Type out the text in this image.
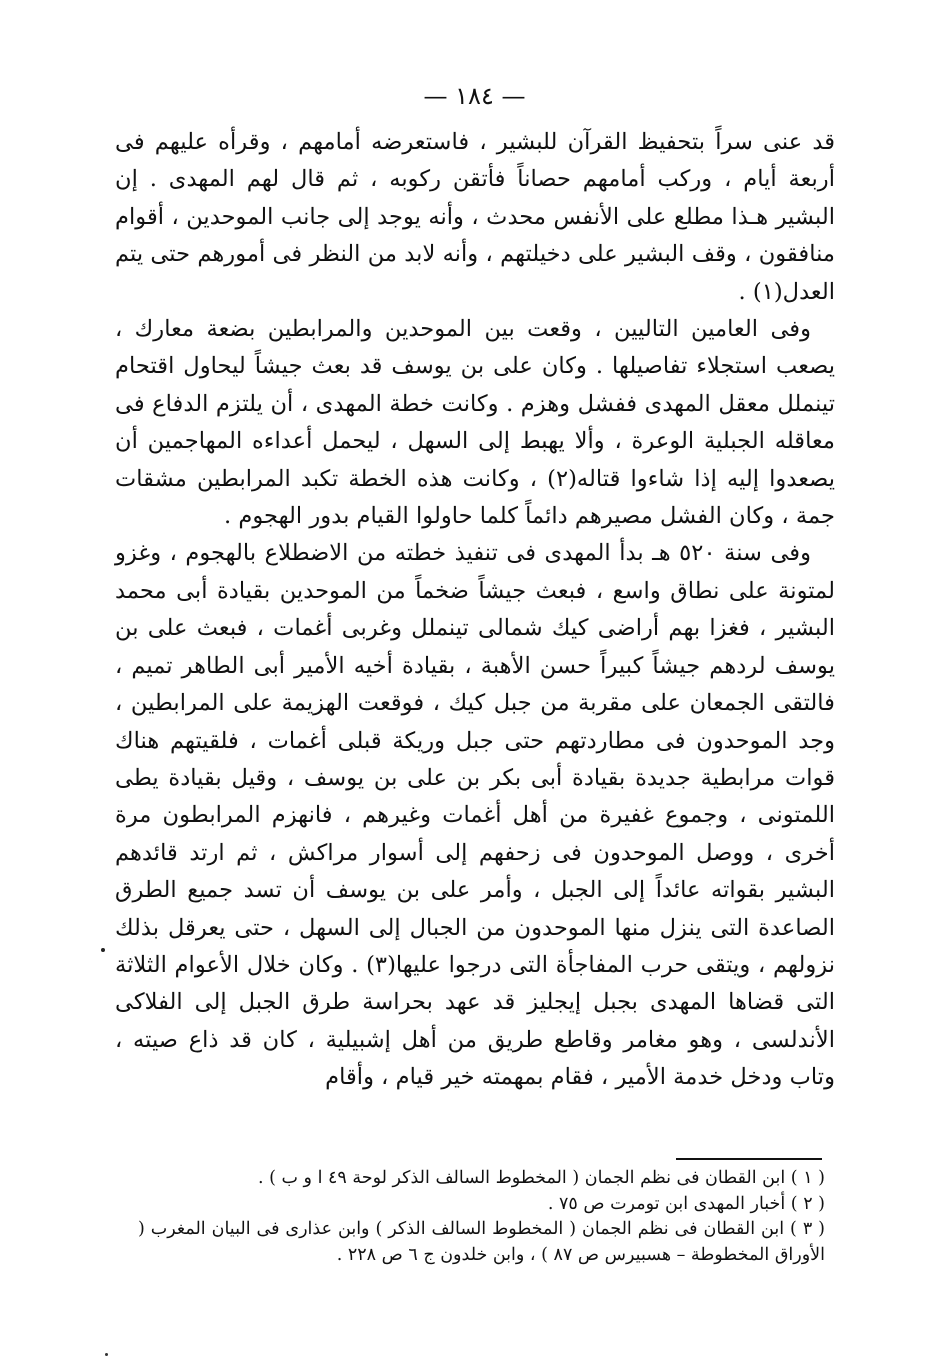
— ١٨٤ —

قد عنى سراً بتحفيظ القرآن للبشير ، فاستعرضه أمامهم ، وقرأه عليهم فى أربعة أيام ، وركب أمامهم حصاناً فأتقن ركوبه ، ثم قال لهم المهدى . إن البشير هـذا مطلع على الأنفس محدث ، وأنه يوجد إلى جانب الموحدين ، أقوام منافقون ، وقف البشير على دخيلتهم ، وأنه لابد من النظر فى أمورهم حتى يتم العدل(١) .

وفى العامين التاليين ، وقعت بين الموحدين والمرابطين بضعة معارك ، يصعب استجلاء تفاصيلها . وكان على بن يوسف قد بعث جيشاً ليحاول اقتحام تينملل معقل المهدى ففشل وهزم . وكانت خطة المهدى ، أن يلتزم الدفاع فى معاقله الجبلية الوعرة ، وألا يهبط إلى السهل ، ليحمل أعداءه المهاجمين أن يصعدوا إليه إذا شاءوا قتاله(٢) ، وكانت هذه الخطة تكبد المرابطين مشقات جمة ، وكان الفشل مصيرهم دائماً كلما حاولوا القيام بدور الهجوم .

وفى سنة ٥٢٠ هـ بدأ المهدى فى تنفيذ خطته من الاضطلاع بالهجوم ، وغزو لمتونة على نطاق واسع ، فبعث جيشاً ضخماً من الموحدين بقيادة أبى محمد البشير ، فغزا بهم أراضى كيك شمالى تينملل وغربى أغمات ، فبعث على بن يوسف لردهم جيشاً كبيراً حسن الأهبة ، بقيادة أخيه الأمير أبى الطاهر تميم ، فالتقى الجمعان على مقربة من جبل كيك ، فوقعت الهزيمة على المرابطين ، وجد الموحدون فى مطاردتهم حتى جبل وريكة قبلى أغمات ، فلقيتهم هناك قوات مرابطية جديدة بقيادة أبى بكر بن على بن يوسف ، وقيل بقيادة يطى اللمتونى ، وجموع غفيرة من أهل أغمات وغيرهم ، فانهزم المرابطون مرة أخرى ، ووصل الموحدون فى زحفهم إلى أسوار مراكش ، ثم ارتد قائدهم البشير بقواته عائداً إلى الجبل ، وأمر على بن يوسف أن تسد جميع الطرق الصاعدة التى ينزل منها الموحدون من الجبال إلى السهل ، حتى يعرقل بذلك نزولهم ، ويتقى حرب المفاجأة التى درجوا عليها(٣) . وكان خلال الأعوام الثلاثة التى قضاها المهدى بجبل إيجليز قد عهد بحراسة طرق الجبل إلى الفلاكى الأندلسى ، وهو مغامر وقاطع طريق من أهل إشبيلية ، كان قد ذاع صيته ، وتاب ودخل خدمة الأمير ، فقام بمهمته خير قيام ، وأقام

( ١ ) ابن القطان فى نظم الجمان ( المخطوط السالف الذكر لوحة ٤٩ ا و ب ) .

( ٢ ) أخبار المهدى ابن تومرت ص ٧٥ .

( ٣ ) ابن القطان فى نظم الجمان ( المخطوط السالف الذكر ) وابن عذارى فى البيان المغرب ( الأوراق المخطوطة – هسبيرس ص ٨٧ ) ، وابن خلدون ج ٦ ص ٢٢٨ .
